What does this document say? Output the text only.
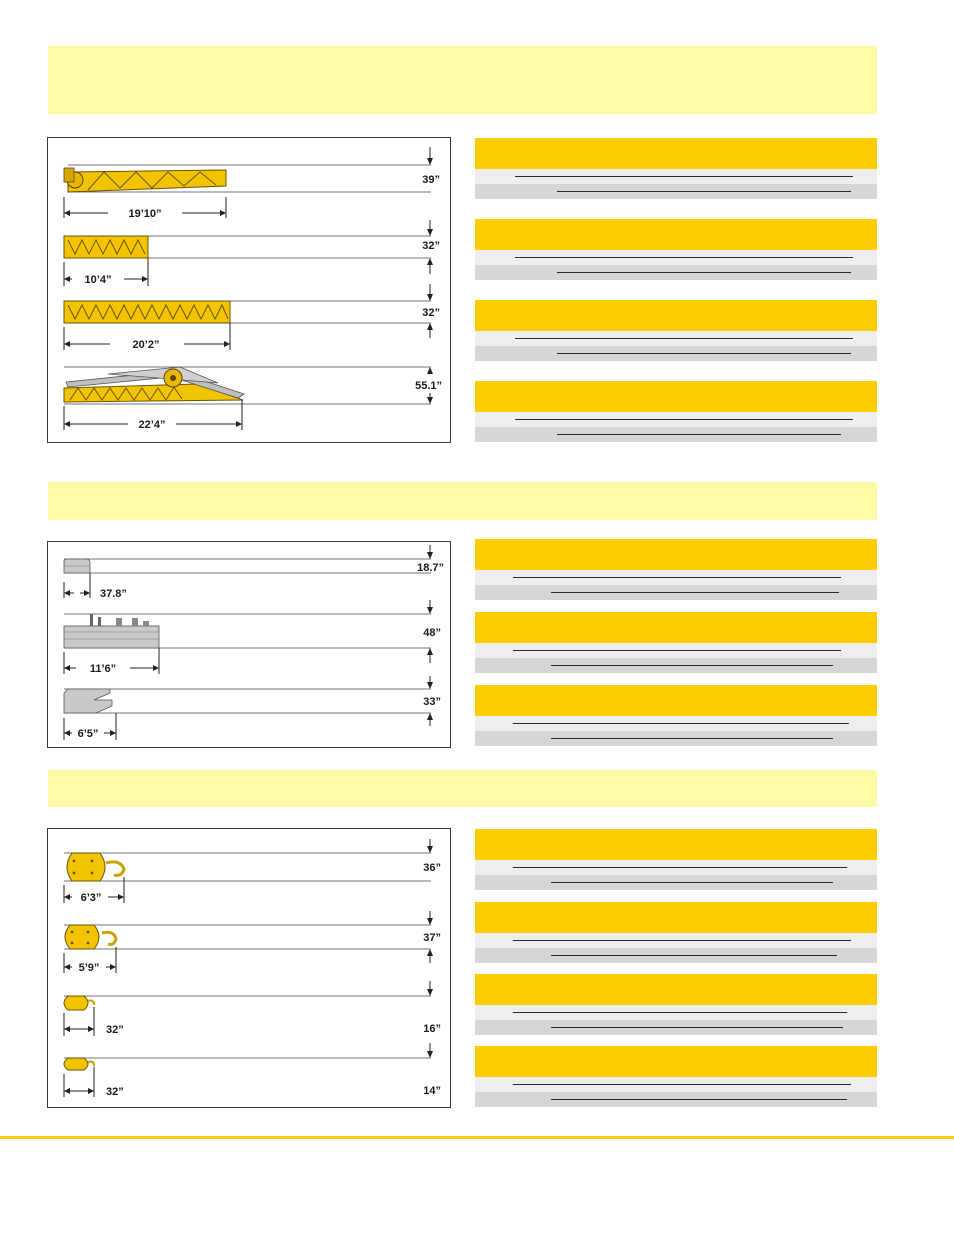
19’10”
39”
10’4”
32”
20’2”
32”
22’4”
55.1”
37.8”
18.7”
11’6”
48”
6’5”
33”
6’3”
36”
5’9”
37”
32”	16”
32”	14”
